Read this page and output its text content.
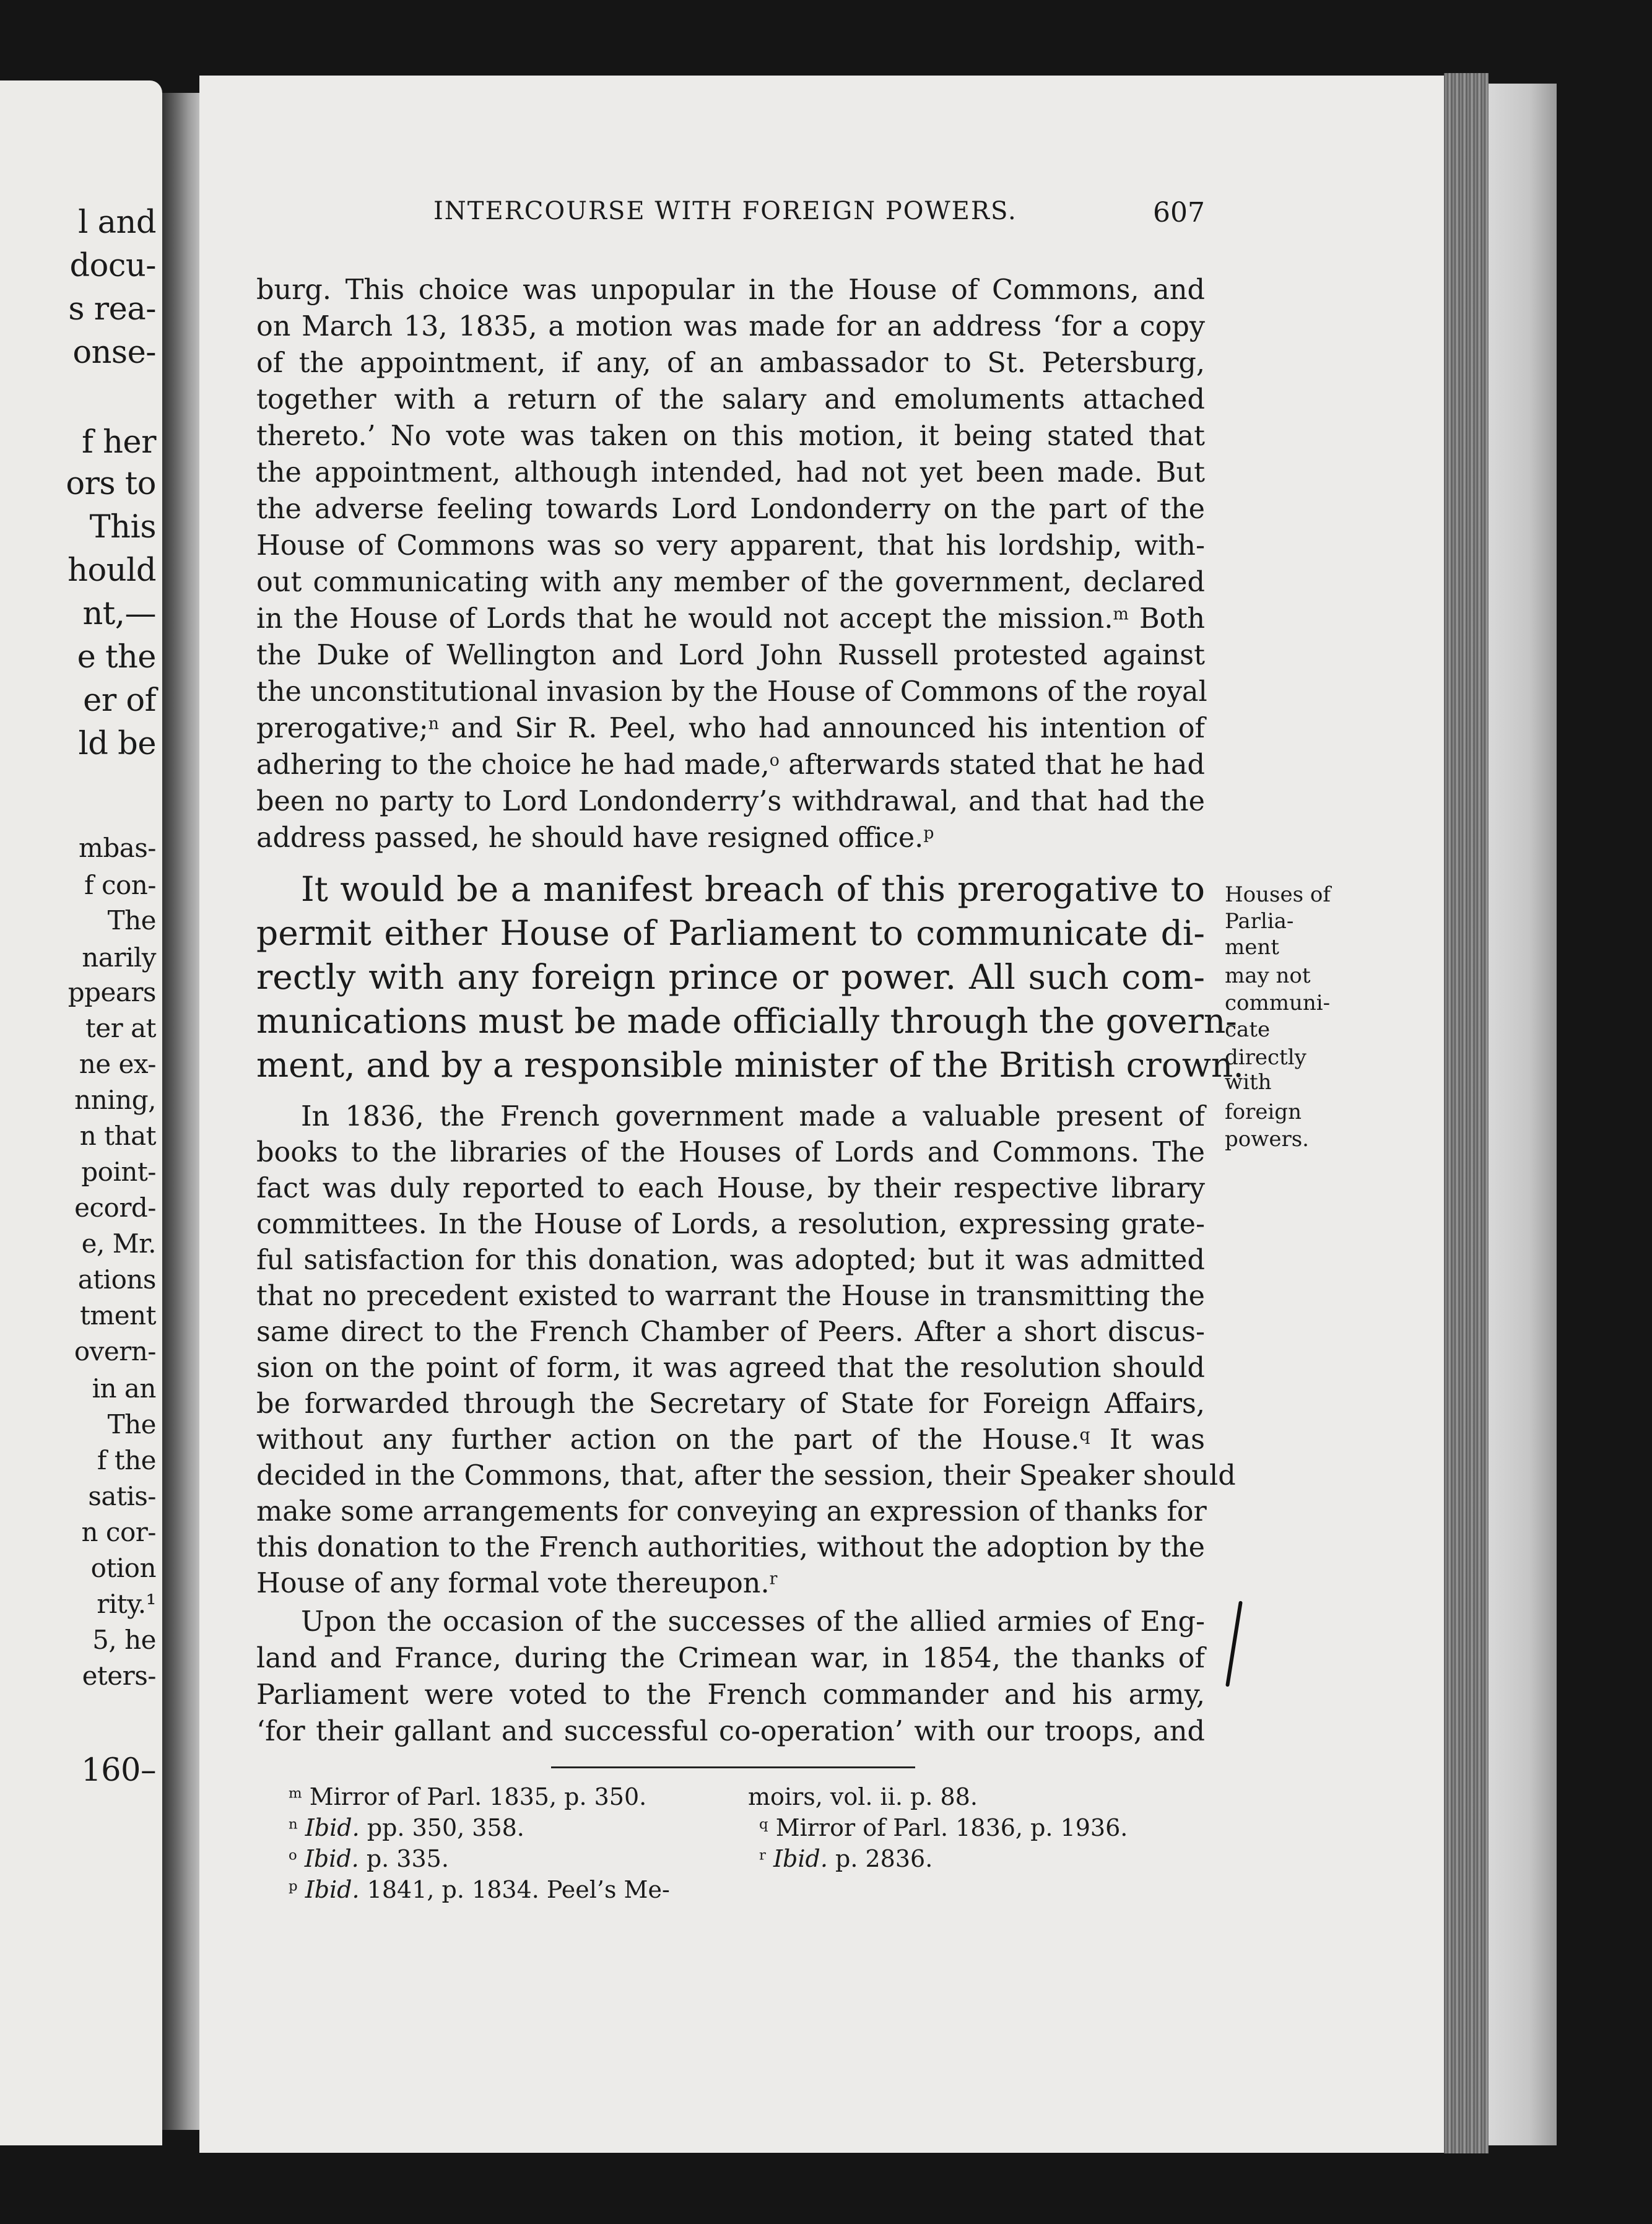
l and
docu-
s rea-
onse-
f her
ors to
This
hould
nt,—
e the
er of
ld be
mbas-
f con-
The
narily
ppears
ter at
ne ex-
nning,
n that
point-
ecord-
e, Mr.
ations
tment
overn-
in an
The
f the
satis-
n cor-
otion
rity.¹
5, he
eters-
160–
INTERCOURSE WITH FOREIGN POWERS.	607
burg. This choice was unpopular in the House of Commons, and
on March 13, 1835, a motion was made for an address ‘for a copy
of the appointment, if any, of an ambassador to St. Petersburg,
together with a return of the salary and emoluments attached
thereto.’ No vote was taken on this motion, it being stated that
the appointment, although intended, had not yet been made. But
the adverse feeling towards Lord Londonderry on the part of the
House of Commons was so very apparent, that his lordship, with-
out communicating with any member of the government, declared
in the House of Lords that he would not accept the mission.$^m$ Both
the Duke of Wellington and Lord John Russell protested against
the unconstitutional invasion by the House of Commons of the royal
prerogative;$^n$ and Sir R. Peel, who had announced his intention of
adhering to the choice he had made,$^o$ afterwards stated that he had
been no party to Lord Londonderry’s withdrawal, and that had the
address passed, he should have resigned office.$^p$
It would be a manifest breach of this prerogative to
permit either House of Parliament to communicate di-
rectly with any foreign prince or power. All such com-
munications must be made officially through the govern-
ment, and by a responsible minister of the British crown.
In 1836, the French government made a valuable present of
books to the libraries of the Houses of Lords and Commons. The
fact was duly reported to each House, by their respective library
committees. In the House of Lords, a resolution, expressing grate-
ful satisfaction for this donation, was adopted; but it was admitted
that no precedent existed to warrant the House in transmitting the
same direct to the French Chamber of Peers. After a short discus-
sion on the point of form, it was agreed that the resolution should
be forwarded through the Secretary of State for Foreign Affairs,
without any further action on the part of the House.$^q$ It was
decided in the Commons, that, after the session, their Speaker should
make some arrangements for conveying an expression of thanks for
this donation to the French authorities, without the adoption by the
House of any formal vote thereupon.$^r$
Upon the occasion of the successes of the allied armies of Eng-
land and France, during the Crimean war, in 1854, the thanks of
Parliament were voted to the French commander and his army,
‘for their gallant and successful co-operation’ with our troops, and
Houses of
Parlia-
ment
may not
communi-
cate
directly
with
foreign
powers.
$^m$ Mirror of Parl. 1835, p. 350.
$^n$ Ibid. pp. 350, 358.
$^o$ Ibid. p. 335.
$^p$ Ibid. 1841, p. 1834. Peel’s Me-
moirs, vol. ii. p. 88.
$^q$ Mirror of Parl. 1836, p. 1936.
$^r$ Ibid. p. 2836.
